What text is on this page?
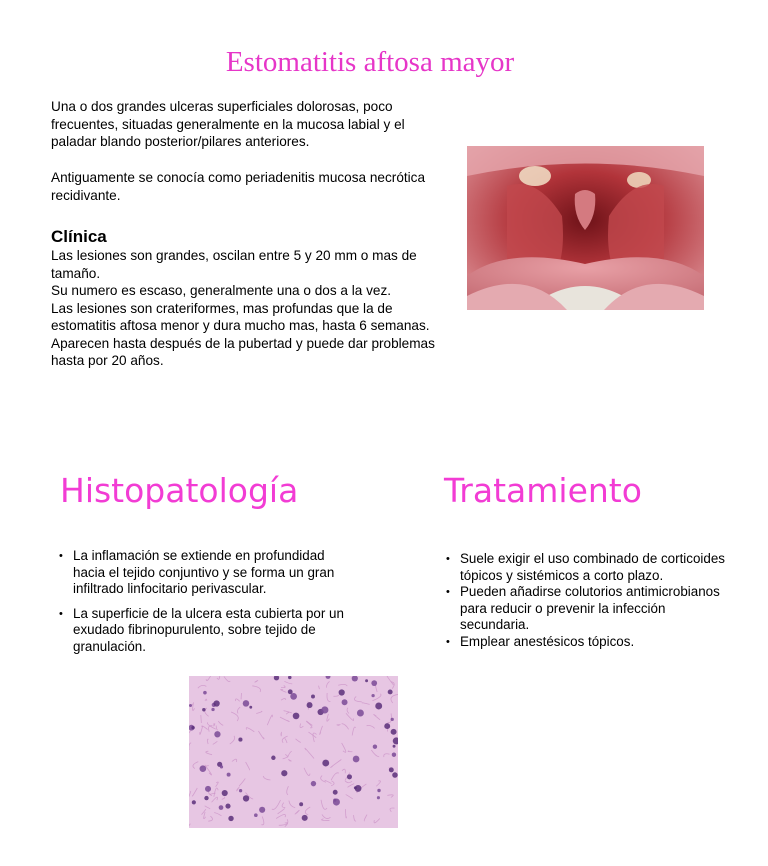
Estomatitis aftosa mayor
Una o dos grandes ulceras superficiales dolorosas, poco frecuentes, situadas generalmente en la mucosa labial y el paladar blando posterior/pilares anteriores.
Antiguamente se conocía como periadenitis mucosa necrótica recidivante.
Clínica
Las lesiones son grandes, oscilan entre 5 y 20 mm o mas de tamaño.
Su numero es escaso, generalmente una o dos a la vez.
Las lesiones son crateriformes, mas profundas que la de estomatitis aftosa menor y dura mucho mas, hasta 6 semanas.
Aparecen hasta después de la pubertad y puede dar problemas hasta por 20 años.
Histopatología	Tratamiento
• La inflamación se extiende en profundidad hacia el tejido conjuntivo y se forma un gran infiltrado linfocitario perivascular.
• La superficie de la ulcera esta cubierta por un exudado fibrinopurulento, sobre tejido de granulación.
• Suele exigir el uso combinado de corticoides tópicos y sistémicos a corto plazo.
• Pueden añadirse colutorios antimicrobianos para reducir o prevenir la infección secundaria.
• Emplear anestésicos tópicos.
